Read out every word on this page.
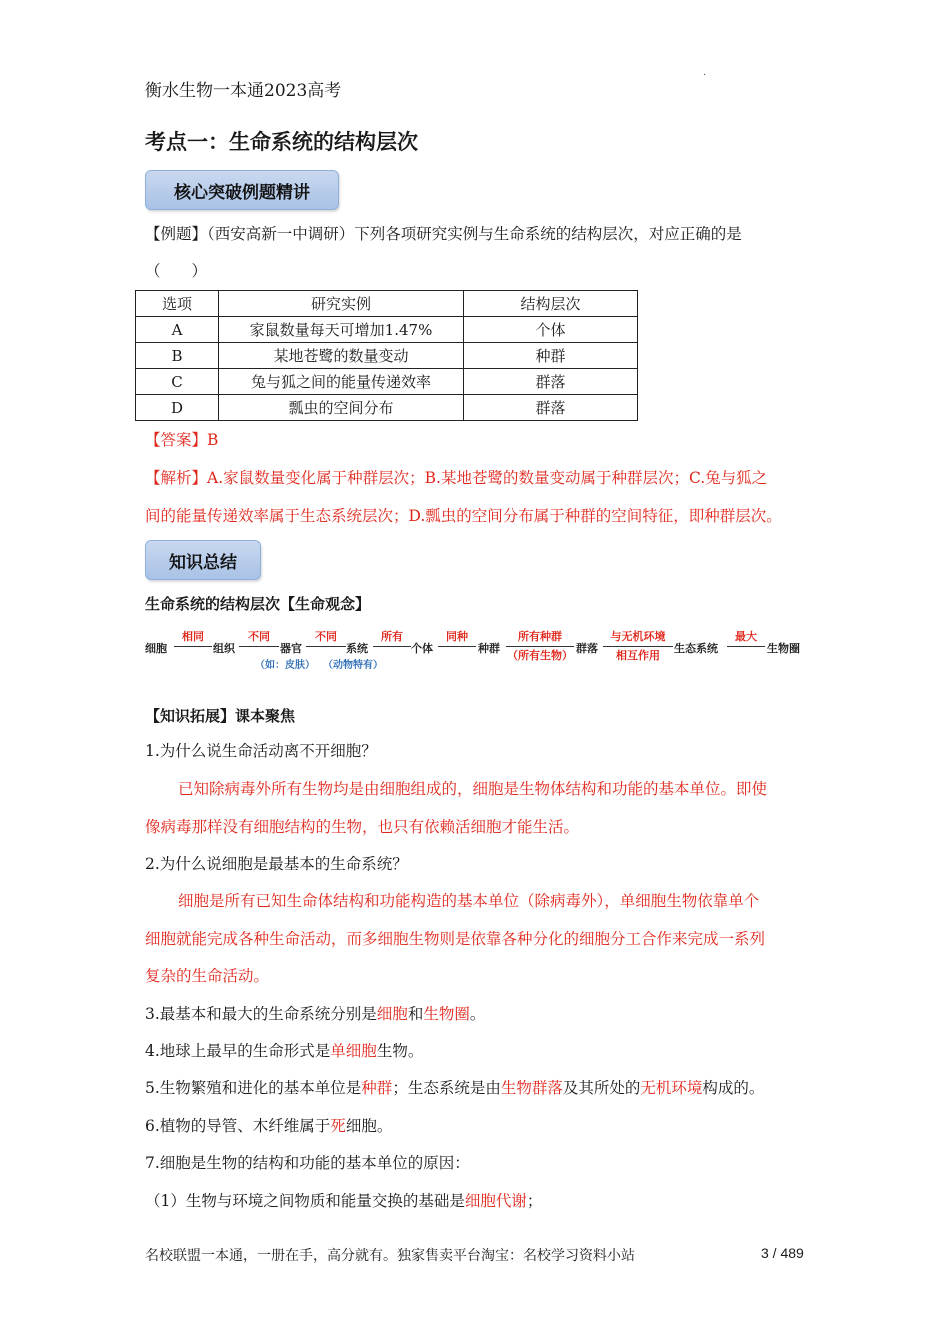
衡水生物一本通2023高考
·
考点一：生命系统的结构层次
核心突破例题精讲
【例题】（西安高新一中调研）下列各项研究实例与生命系统的结构层次，对应正确的是
（　　）
选项	研究实例	结构层次
A	家鼠数量每天可增加1.47%	个体
B	某地苍鹭的数量变动	种群
C	兔与狐之间的能量传递效率	群落
D	瓢虫的空间分布	群落
【答案】B
【解析】A.家鼠数量变化属于种群层次；B.某地苍鹭的数量变动属于种群层次；C.兔与狐之
间的能量传递效率属于生态系统层次；D.瓢虫的空间分布属于种群的空间特征，即种群层次。
知识总结
生命系统的结构层次【生命观念】
细胞
相同
组织
不同
（如：皮肤）
器官
不同
（动物特有）
系统
所有
个体
同种
种群
所有种群
（所有生物）
群落
与无机环境
相互作用
生态系统
最大
生物圈
【知识拓展】课本聚焦
1.为什么说生命活动离不开细胞？
已知除病毒外所有生物均是由细胞组成的，细胞是生物体结构和功能的基本单位。即使
像病毒那样没有细胞结构的生物，也只有依赖活细胞才能生活。
2.为什么说细胞是最基本的生命系统？
细胞是所有已知生命体结构和功能构造的基本单位（除病毒外），单细胞生物依靠单个
细胞就能完成各种生命活动，而多细胞生物则是依靠各种分化的细胞分工合作来完成一系列
复杂的生命活动。
3.最基本和最大的生命系统分别是细胞和生物圈。
4.地球上最早的生命形式是单细胞生物。
5.生物繁殖和进化的基本单位是种群；生态系统是由生物群落及其所处的无机环境构成的。
6.植物的导管、木纤维属于死细胞。
7.细胞是生物的结构和功能的基本单位的原因：
（1）生物与环境之间物质和能量交换的基础是细胞代谢；
名校联盟一本通，一册在手，高分就有。独家售卖平台淘宝：名校学习资料小站	3 / 489
